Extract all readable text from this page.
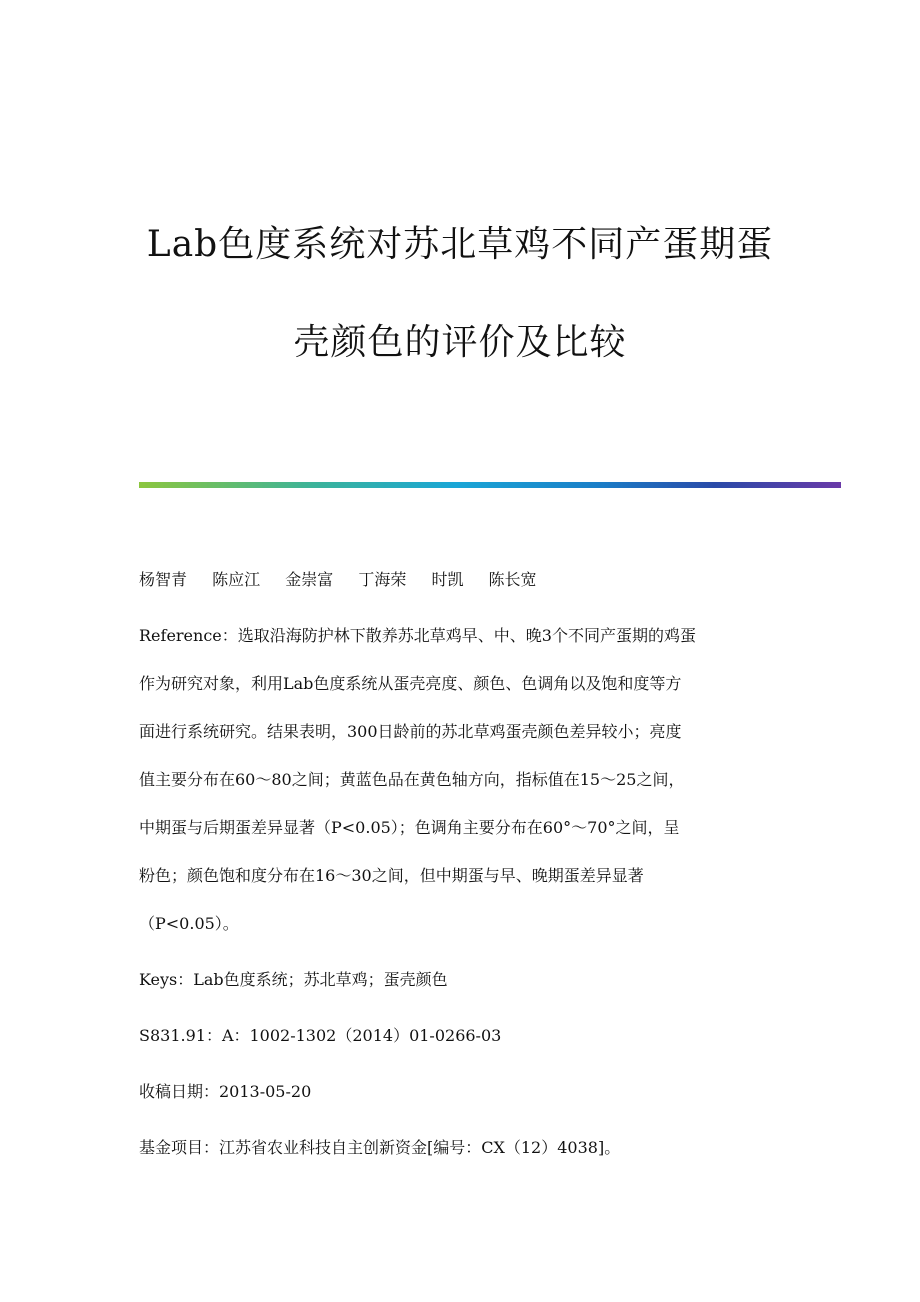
Lab色度系统对苏北草鸡不同产蛋期蛋
壳颜色的评价及比较
杨智青 陈应江 金崇富 丁海荣 时凯 陈长宽
Reference：选取沿海防护林下散养苏北草鸡早、中、晚3个不同产蛋期的鸡蛋
作为研究对象，利用Lab色度系统从蛋壳亮度、颜色、色调角以及饱和度等方
面进行系统研究。结果表明，300日龄前的苏北草鸡蛋壳颜色差异较小；亮度
值主要分布在60～80之间；黄蓝色品在黄色轴方向，指标值在15～25之间，
中期蛋与后期蛋差异显著（P<0.05）；色调角主要分布在60°～70°之间，呈
粉色；颜色饱和度分布在16～30之间，但中期蛋与早、晚期蛋差异显著
（P<0.05）。
Keys：Lab色度系统；苏北草鸡；蛋壳颜色
S831.91：A：1002-1302（2014）01-0266-03
收稿日期：2013-05-20
基金项目：江苏省农业科技自主创新资金[编号：CX（12）4038]。
